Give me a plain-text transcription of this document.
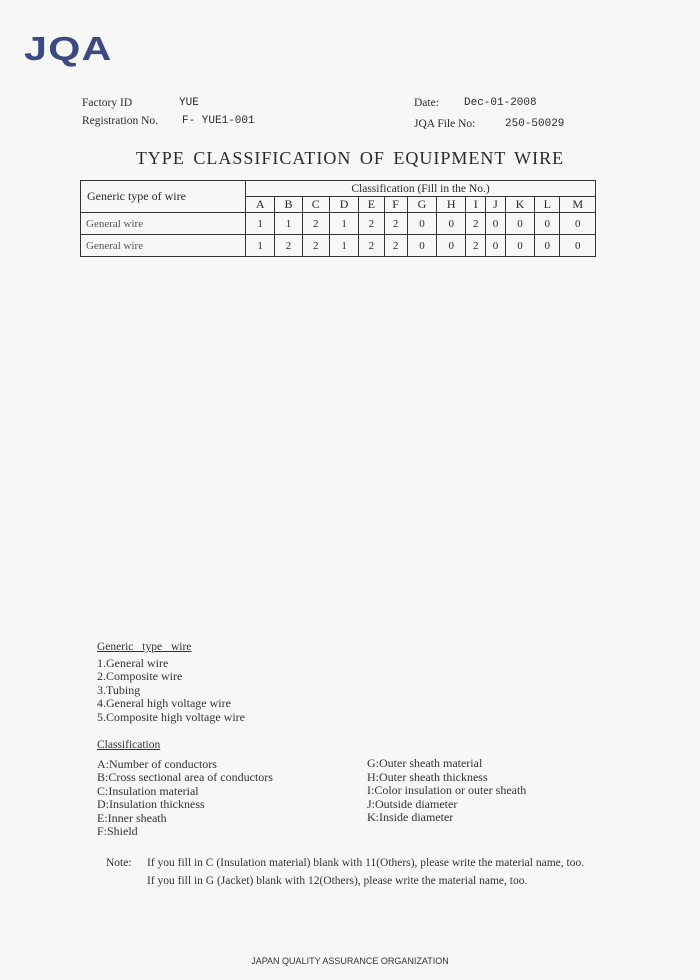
JQA
Factory ID	YUE
Registration No. F- YUE1-001
Date: Dec-01-2008
JQA File No:	250-50029
TYPE CLASSIFICATION OF EQUIPMENT WIRE
Generic type of wire	Classification (Fill in the No.)												
	A	B	C	D	E	F	G	H	I	J	K	L	M
General wire	1	1	2	1	2	2	0	0	2	0	0	0	0
General wire	1	2	2	1	2	2	0	0	2	0	0	0	0
Generic type wire
1.General wire
2.Composite wire
3.Tubing
4.General high voltage wire
5.Composite high voltage wire
Classification
A:Number of conductors
B:Cross sectional area of conductors
C:Insulation material
D:Insulation thickness
E:Inner sheath
F:Shield
G:Outer sheath material
H:Outer sheath thickness
I:Color insulation or outer sheath
J:Outside diameter
K:Inside diameter
Note: If you fill in C (Insulation material) blank with 11(Others), please write the material name, too.

If you fill in G (Jacket) blank with 12(Others), please write the material name, too.

JAPAN QUALITY ASSURANCE ORGANIZATION
